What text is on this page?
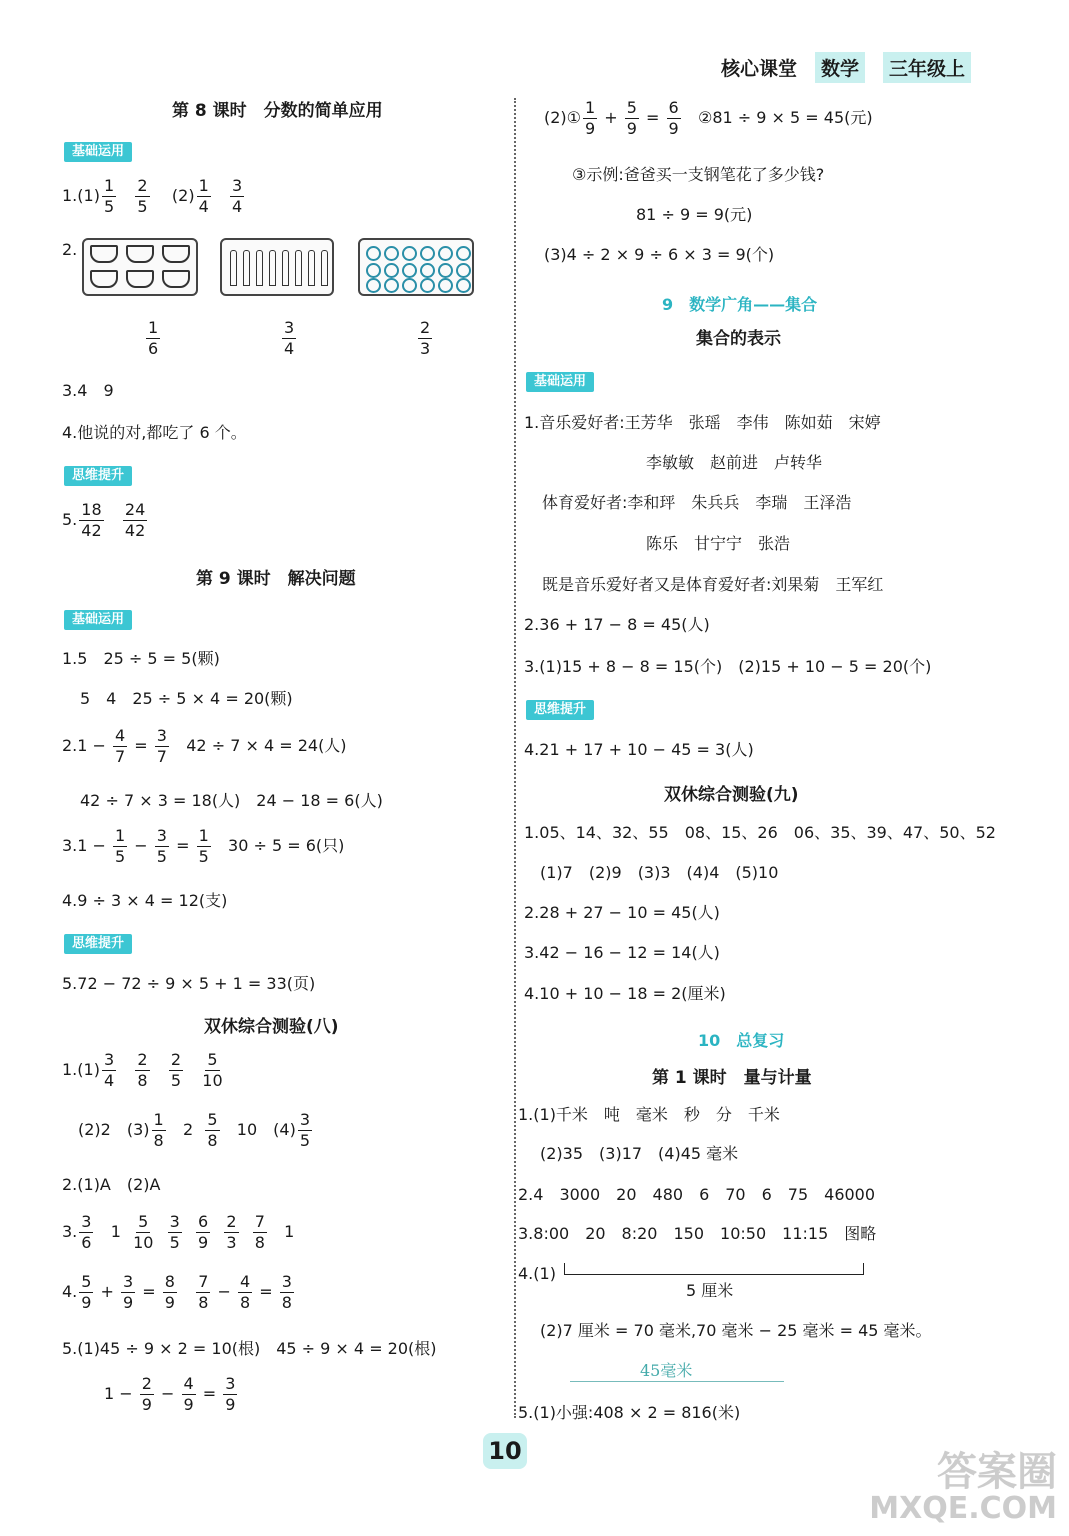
核心课堂	数学	三年级上
第 8 课时　分数的简单应用
基础运用
$1.(1) \frac{1}{5}$
$\frac{2}{5} (2) \frac{1}{4}$
$\frac{3}{4}$
2.
$\frac{1}{6}$	$\frac{3}{4}$	$\frac{2}{3}$
3.4　9
4.他说的对,都吃了 6 个。
思维提升
5. $\frac{18}{42}$
$\frac{24}{42}$
第 9 课时　解决问题
基础运用
1.5　25 ÷ 5 = 5(颗)
5　4　25 ÷ 5 × 4 = 20(颗)
$2.1 - \frac{4}{7} = \frac{3}{7} 42 \div 7 \times 4 = 24$(人)
42 ÷ 7 × 3 = 18(人)　24 − 18 = 6(人)
$3.1 - \frac{1}{5} - \frac{3}{5} = \frac{1}{5} 30 \div 5 = 6$(只)
4.9 ÷ 3 × 4 = 12(支)
思维提升
5.72 − 72 ÷ 9 × 5 + 1 = 33(页)
双休综合测验(八)
$1.(1) \frac{3}{4}$
$\frac{2}{8}$
$\frac{2}{5}$
$\frac{5}{10}$
(2)2　$(3) \frac{1}{8} 2 \frac{5}{8} 10$　$(4) \frac{3}{5}$
2.(1)A　(2)A
3. $\frac{3}{6} 1 \frac{5}{10}$
$\frac{3}{5}$
$\frac{6}{9}$
$\frac{2}{3}$
$\frac{7}{8} 1$
4. $\frac{5}{9} + \frac{3}{9} = \frac{8}{9}$
$\frac{7}{8} - \frac{4}{8} = \frac{3}{8}$
5.(1)45 ÷ 9 × 2 = 10(根)　45 ÷ 9 × 4 = 20(根)
$1 - \frac{2}{9} - \frac{4}{9} = \frac{3}{9}$
(2)① $\frac{1}{9} + \frac{5}{9} = \frac{6}{9}$ ②81 ÷ 9 × 5 = 45(元)
③示例:爸爸买一支钢笔花了多少钱?
81 ÷ 9 = 9(元)
(3)4 ÷ 2 × 9 ÷ 6 × 3 = 9(个)
9　数学广角——集合
集合的表示
基础运用
1.音乐爱好者:王芳华　张瑶　李伟　陈如茹　宋婷
李敏敏　赵前进　卢转华
体育爱好者:李和玶　朱兵兵　李瑞　王泽浩
陈乐　甘宁宁　张浩
既是音乐爱好者又是体育爱好者:刘果菊　王军红
2.36 + 17 − 8 = 45(人)
3.(1)15 + 8 − 8 = 15(个)　(2)15 + 10 − 5 = 20(个)
思维提升
4.21 + 17 + 10 − 45 = 3(人)
双休综合测验(九)
1.05、14、32、55　08、15、26　06、35、39、47、50、52
(1)7　(2)9　(3)3　(4)4　(5)10
2.28 + 27 − 10 = 45(人)
3.42 − 16 − 12 = 14(人)
4.10 + 10 − 18 = 2(厘米)
10　总复习
第 1 课时　量与计量
1.(1)千米　吨　毫米　秒　分　千米
(2)35　(3)17　(4)45 毫米
2.4　3000　20　480　6　70　6　75　46000
3.8:00　20　8:20　150　10:50　11:15　图略
4.(1)
5 厘米
(2)7 厘米 = 70 毫米,70 毫米 − 25 毫米 = 45 毫米。
45毫米
5.(1)小强:408 × 2 = 816(米)
10	答案圈
MXQE.COM
